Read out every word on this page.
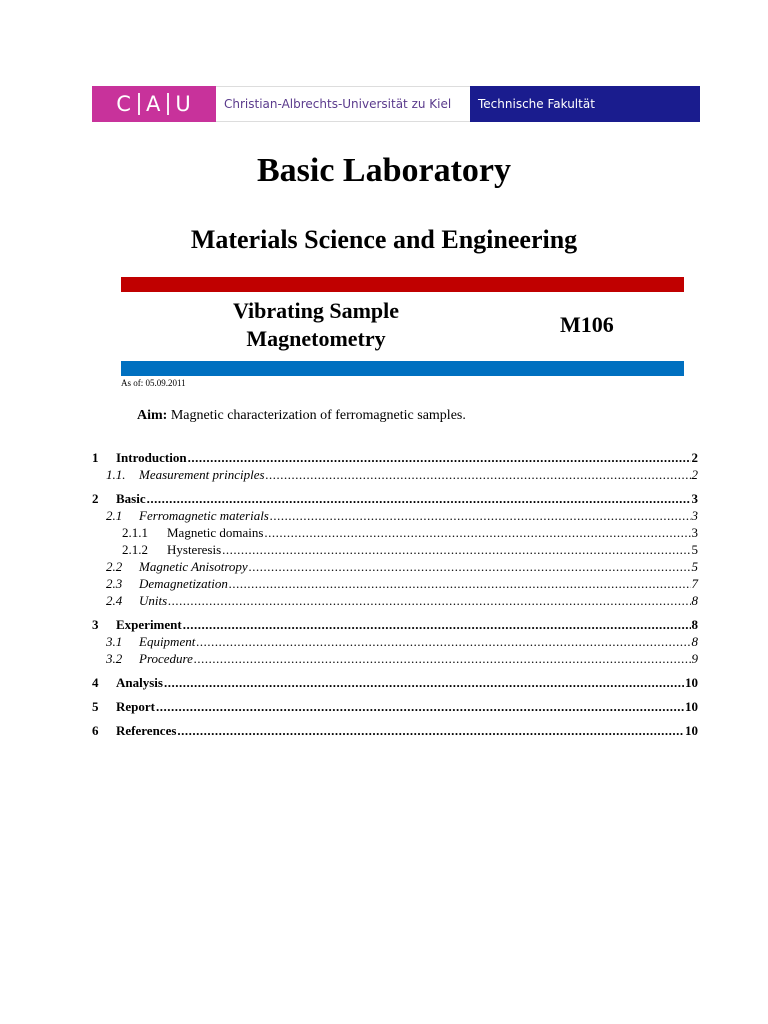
C A U	Christian-Albrechts-Universität zu Kiel	Technische Fakultät
Basic Laboratory
Materials Science and Engineering
Vibrating Sample
Magnetometry
M106
As of: 05.09.2011
Aim: Magnetic characterization of ferromagnetic samples.
1	Introduction .....	2
1.1.	Measurement principles .....	2
2	Basic .....	3
2.1	Ferromagnetic materials .....	3
2.1.1	Magnetic domains .....	3
2.1.2	Hysteresis .....	5
2.2	Magnetic Anisotropy .....	5
2.3	Demagnetization .....	7
2.4	Units .....	8
3	Experiment .....	8
3.1	Equipment .....	8
3.2	Procedure .....	9
4	Analysis .....	10
5	Report .....	10
6	References .....	10
